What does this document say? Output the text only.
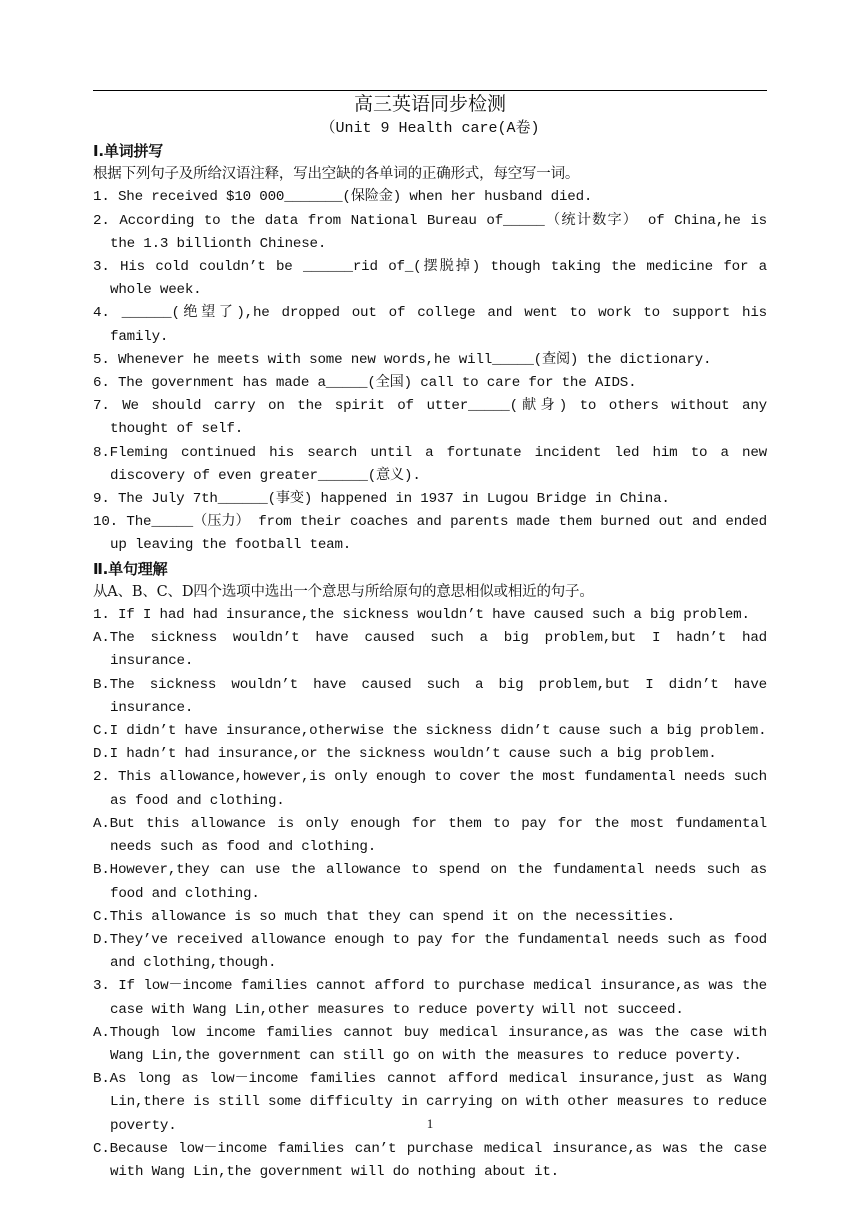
高三英语同步检测
（Unit 9 Health care(A卷)
Ⅰ.单词拼写
根据下列句子及所给汉语注释，写出空缺的各单词的正确形式，每空写一词。
1. She received $10 000_______(保险金) when her husband died.
2. According to the data from National Bureau of_____（统计数字） of China,he is the 1.3 billionth Chinese.
3. His cold couldn’t be ______rid of_(摆脱掉) though taking the medicine for a whole week.
4. ______(绝望了),he dropped out of college and went to work to support his family.
5. Whenever he meets with some new words,he will_____(查阅) the dictionary.
6. The government has made a_____(全国) call to care for the AIDS.
7. We should carry on the spirit of utter_____(献身) to others without any thought of self.
8.Fleming continued his search until a fortunate incident led him to a new discovery of even greater______(意义).
9. The July 7th______(事变) happened in 1937 in Lugou Bridge in China.
10. The_____（压力） from their coaches and parents made them burned out and ended up leaving the football team.
Ⅱ.单句理解
从A、B、C、D四个选项中选出一个意思与所给原句的意思相似或相近的句子。
1. If I had had insurance,the sickness wouldn’t have caused such a big problem.
A.The sickness wouldn’t have caused such a big problem,but I hadn’t had insurance.
B.The sickness wouldn’t have caused such a big problem,but I didn’t have insurance.
C.I didn’t have insurance,otherwise the sickness didn’t cause such a big problem.
D.I hadn’t had insurance,or the sickness wouldn’t cause such a big problem.
2. This allowance,however,is only enough to cover the most fundamental needs such as food and clothing.
A.But this allowance is only enough for them to pay for the most fundamental needs such as food and clothing.
B.However,they can use the allowance to spend on the fundamental needs such as food and clothing.
C.This allowance is so much that they can spend it on the necessities.
D.They’ve received allowance enough to pay for the fundamental needs such as food and clothing,though.
3. If low－income families cannot afford to purchase medical insurance,as was the case with Wang Lin,other measures to reduce poverty will not succeed.
A.Though low income families cannot buy medical insurance,as was the case with Wang Lin,the government can still go on with the measures to reduce poverty.
B.As long as low－income families cannot afford medical insurance,just as Wang Lin,there is still some difficulty in carrying on with other measures to reduce poverty.
C.Because low－income families can’t purchase medical insurance,as was the case with Wang Lin,the government will do nothing about it.
1
